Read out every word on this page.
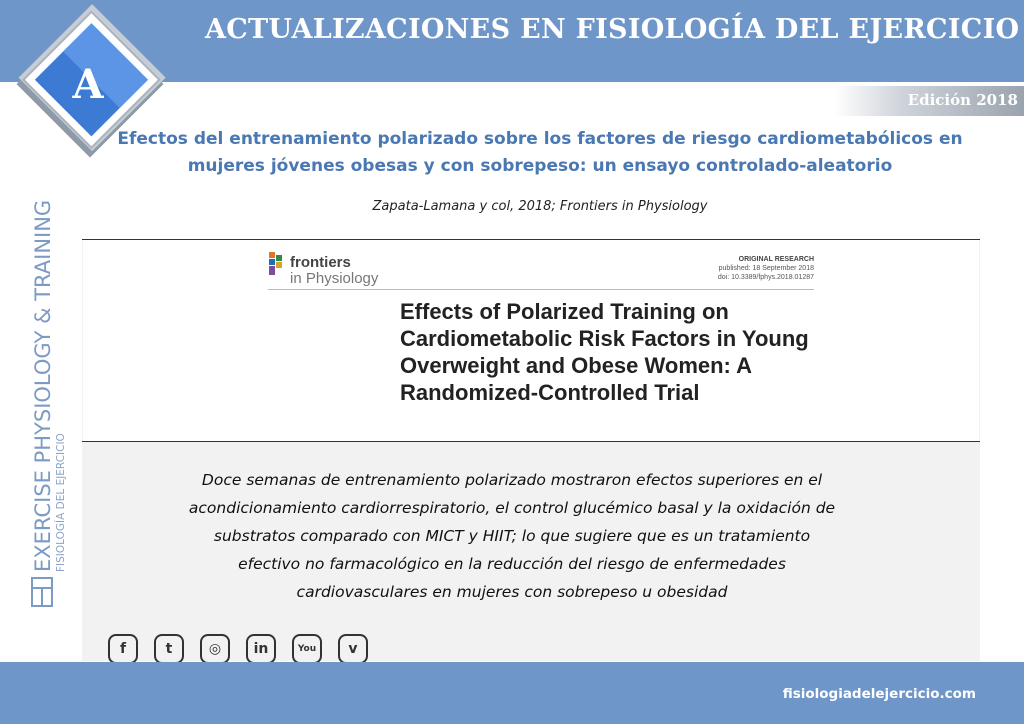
ACTUALIZACIONES EN FISIOLOGÍA DEL EJERCICIO
Edición 2018
A
Efectos del entrenamiento polarizado sobre los factores de riesgo cardiometabólicos en
mujeres jóvenes obesas y con sobrepeso: un ensayo controlado-aleatorio
Zapata-Lamana y col, 2018; Frontiers in Physiology
EXERCISE PHYSIOLOGY & TRAINING FISIOLOGÍA DEL EJERCICIO
frontiers
in Physiology
ORIGINAL RESEARCH
published: 18 September 2018
doi: 10.3389/fphys.2018.01287
Effects of Polarized Training on Cardiometabolic Risk Factors in Young Overweight and Obese Women: A Randomized-Controlled Trial
Doce semanas de entrenamiento polarizado mostraron efectos superiores en el
acondicionamiento cardiorrespiratorio, el control glucémico basal y la oxidación de
substratos comparado con MICT y HIIT; lo que sugiere que es un tratamiento
efectivo no farmacológico en la reducción del riesgo de enfermedades
cardiovasculares en mujeres con sobrepeso u obesidad
f	t	◎	in	You	v
fisiologiadelejercicio.com
